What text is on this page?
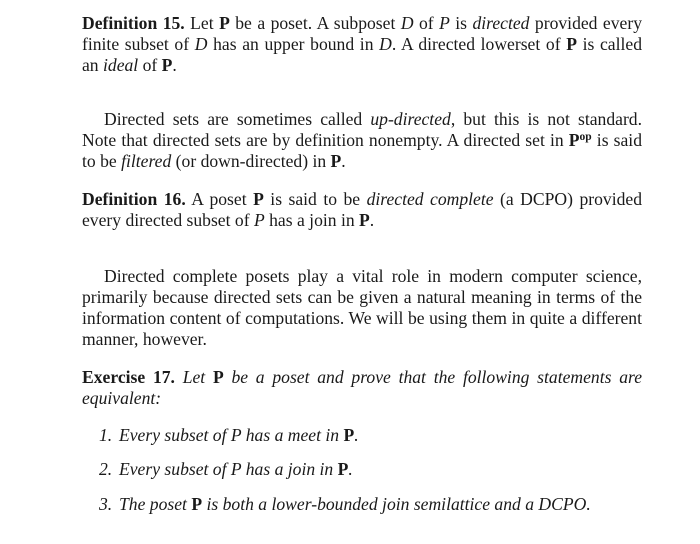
Definition 15. Let P be a poset. A subposet D of P is directed provided every finite subset of D has an upper bound in D. A directed lowerset of P is called an ideal of P.
Directed sets are sometimes called up-directed, but this is not standard. Note that directed sets are by definition nonempty. A directed set in $P^{op}$ is said to be filtered (or down-directed) in P.
Definition 16. A poset P is said to be directed complete (a DCPO) provided every directed subset of P has a join in P.
Directed complete posets play a vital role in modern computer science, primarily because directed sets can be given a natural meaning in terms of the information content of computations. We will be using them in quite a different manner, however.
Exercise 17. Let P be a poset and prove that the following statements are equivalent:
1. Every subset of P has a meet in P.
2. Every subset of P has a join in P.
3. The poset P is both a lower-bounded join semilattice and a DCPO.
